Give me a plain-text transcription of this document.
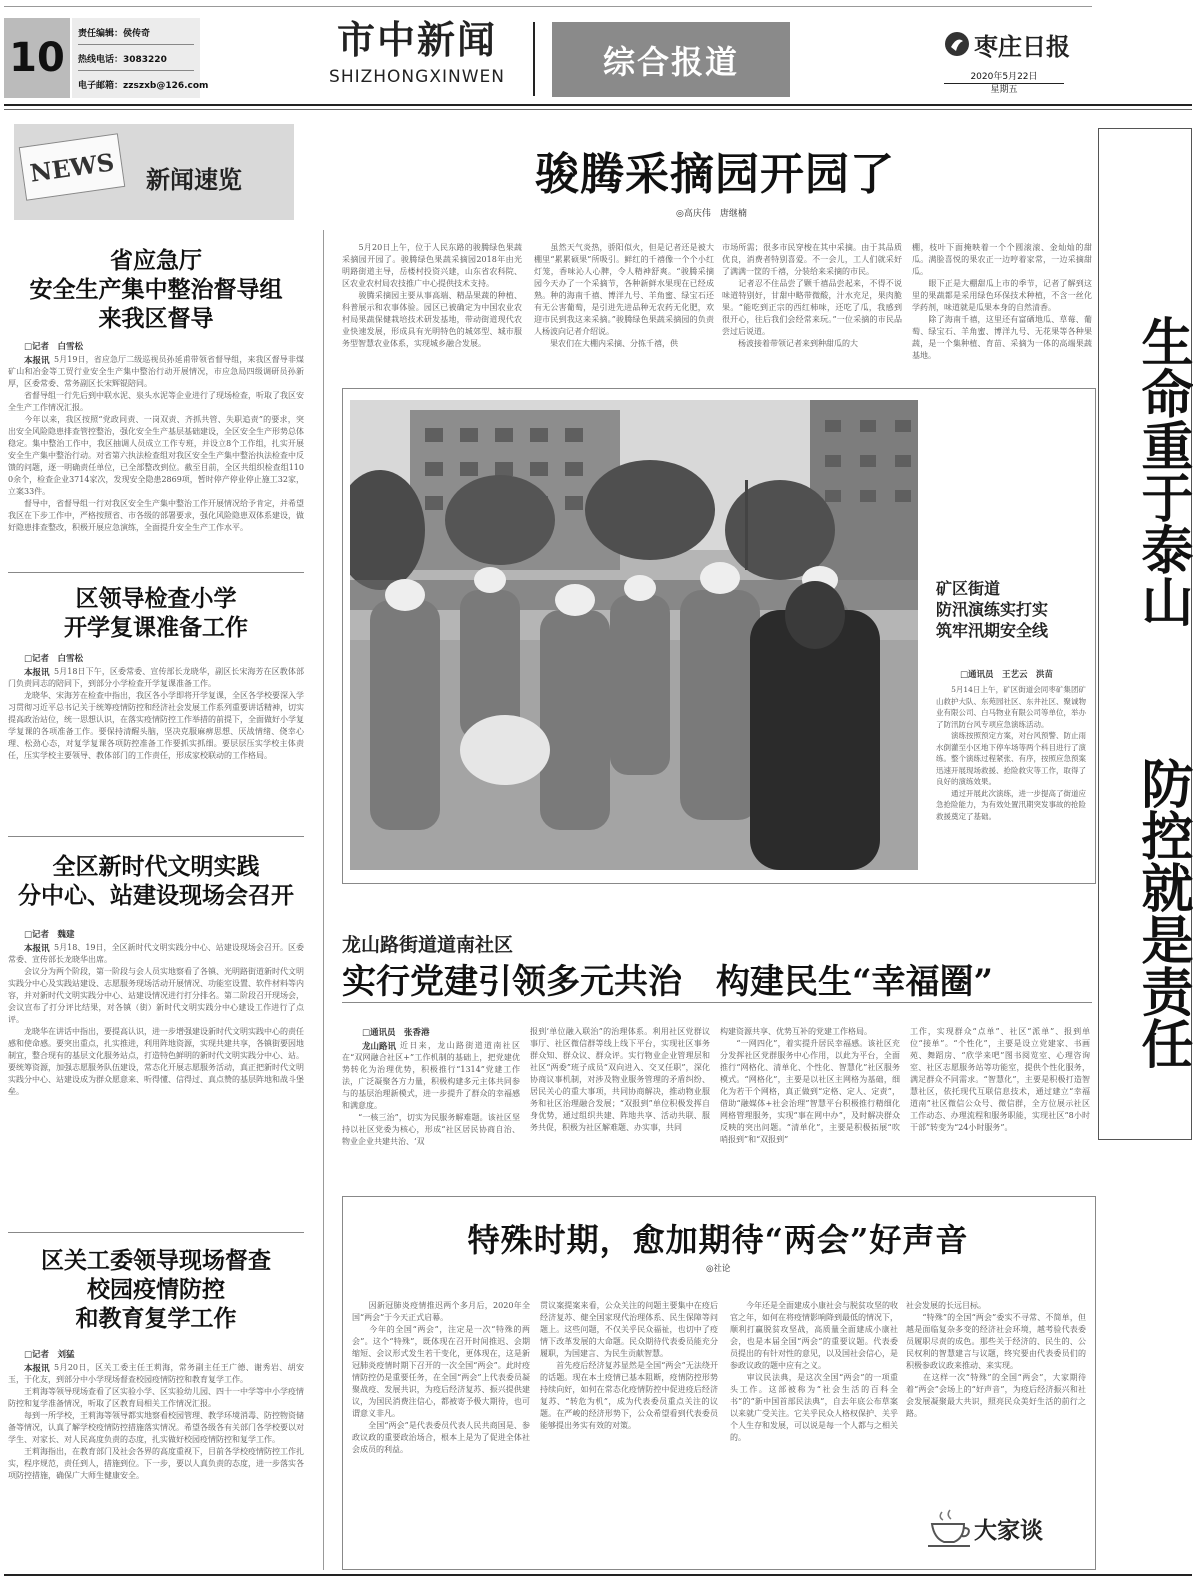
10
责任编辑：侯传奇
热线电话：3083220
电子邮箱：zzszxb@126.com
市中新闻
SHIZHONGXINWEN	综合报道	枣庄日报
2020年5月22日
星期五
NEWS 新闻速览	骏腾采摘园开园了
◎高庆伟　唐继楠
　　5月20日上午，位于人民东路的骏腾绿色果蔬采摘园开园了。骏腾绿色果蔬采摘园2018年由光明路街道主导，岳楼村投资兴建，山东省农科院、区农业农村局农技推广中心提供技术支持。
　　骏腾采摘园主要从事高端、精品果蔬的种植、科普展示和农事体验。园区已被确定为中国农业农村局果蔬保健栽培技术研发基地，带动街道现代农业快速发展，形成具有光明特色的城郊型、城市服务型智慧农业体系，实现城乡融合发展。
　　虽然天气炎热，骄阳似火，但是记者还是被大棚里“累累硕果”所吸引。鲜红的千禧像一个个小红灯笼，香味沁人心脾，令人精神舒爽。“骏腾采摘园今天办了一个采摘节，各种新鲜水果现在已经成熟。种的海南千禧、博洋九号、羊角蜜、绿宝石还有无公害葡萄，是引进先进品种无农药无化肥，欢迎市民到我这来采摘。”骏腾绿色果蔬采摘园的负责人杨波向记者介绍说。
　　果农们在大棚内采摘、分拣千禧，供
市场所需；很多市民穿梭在其中采摘。由于其品质优良，消费者特别喜爱。不一会儿，工人们就采好了满满一筐的千禧，分装给来采摘的市民。
　　记者忍不住品尝了颗千禧品尝起来，不得不说味道特别好，甘甜中略带微酸，汁水充足，果肉脆果。“能吃到正宗的西红柿味，还吃了瓜，我感到很开心，往后我们会经常来玩。”一位采摘的市民品尝过后说道。
　　杨波接着带领记者来到种甜瓜的大
棚，枝叶下面掩映着一个个圆滚滚、金灿灿的甜瓜。满脸喜悦的果农正一边哼着家常，一边采摘甜瓜。
　　眼下正是大棚甜瓜上市的季节，记者了解到这里的果蔬都是采用绿色环保技术种植，不含一丝化学药剂，味道就是瓜果本身的自然清香。
　　除了海南千禧，这里还有富硒地瓜、草莓、葡萄、绿宝石、羊角蜜、博洋九号、无花果等各种果蔬，是一个集种植、育苗、采摘为一体的高端果蔬基地。
省应急厅
安全生产集中整治督导组
来我区督导
□记者　白雪松
本报讯 5月19日，省应急厅二级巡视员孙延甫带领省督导组，来我区督导非煤矿山和冶金等工贸行业安全生产集中整治行动开展情况，市应急局四级调研员孙新厚，区委常委、常务副区长宋辉锟陪同。
　　省督导组一行先后到中联水泥、泉头水泥等企业进行了现场检查，听取了我区安全生产工作情况汇报。
　　今年以来，我区按照“党政同责、一岗双责、齐抓共管、失职追责”的要求，突出安全风险隐患排查管控整治，强化安全生产基层基础建设，全区安全生产形势总体稳定。集中整治工作中，我区抽调人员成立工作专班，并设立8个工作组，扎实开展安全生产集中整治行动。对省第六执法检查组对我区安全生产集中整治执法检查中反馈的问题，逐一明确责任单位，已全部整改到位。截至目前，全区共组织检查组1100余个，检查企业3714家次，发现安全隐患2869项，暂时停产停业停止施工32家，立案33件。
　　督导中，省督导组一行对我区安全生产集中整治工作开展情况给予肯定，并希望我区在下步工作中，严格按照省、市各级的部署要求，强化风险隐患双体系建设，做好隐患排查整改，积极开展应急演练，全面提升安全生产工作水平。
区领导检查小学
开学复课准备工作
□记者　白雪松
本报讯 5月18日下午，区委常委、宣传部长龙晓华，副区长宋海芳在区教体部门负责同志的陪同下，到部分小学检查开学复课准备工作。
　　龙晓华、宋海芳在检查中指出，我区各小学即将开学复课，全区各学校要深入学习贯彻习近平总书记关于统筹疫情防控和经济社会发展工作系列重要讲话精神，切实提高政治站位，统一思想认识，在落实疫情防控工作举措的前提下，全面做好小学复学复课的各项准备工作。要保持清醒头脑，坚决克服麻痹思想、厌战情绪、侥幸心理、松劲心态，对复学复课各项防控准备工作要抓实抓细。要层层压实学校主体责任，压实学校主要领导、教体部门的工作责任，形成家校联动的工作格局。
全区新时代文明实践
分中心、站建设现场会召开
□记者　魏建
本报讯 5月18、19日，全区新时代文明实践分中心、站建设现场会召开。区委常委、宣传部长龙晓华出席。
　　会议分为两个阶段，第一阶段与会人员实地察看了各镇、光明路街道新时代文明实践分中心及实践站建设、志愿服务现场活动开展情况、功能室设置、软件材料等内容，并对新时代文明实践分中心、站建设情况进行打分排名。第二阶段召开现场会，会议宣布了打分评比结果，对各镇（街）新时代文明实践分中心建设工作进行了点评。
　　龙晓华在讲话中指出，要提高认识，进一步增强建设新时代文明实践中心的责任感和使命感。要突出重点，扎实推进，利用阵地资源，实现共建共享，各镇街要因地制宜，整合现有的基层文化服务站点，打造特色鲜明的新时代文明实践分中心、站。要统筹资源，加强志愿服务队伍建设，常态化开展志愿服务活动，真正把新时代文明实践分中心、站建设成为群众愿意来、听得懂、信得过、真点赞的基层阵地和战斗堡垒。
区关工委领导现场督查
校园疫情防控
和教育复学工作
□记者　刘猛
本报讯 5月20日，区关工委主任王莉海，常务副主任王广德、谢秀岩、胡安玉，于化友，到部分中小学现场督查校园疫情防控和教育复学工作。
　　王莉海等领导现场查看了区实验小学、区实验幼儿园、四十一中学等中小学疫情防控和复学准备情况，听取了区教育局相关工作情况汇报。
　　每到一所学校，王莉海等领导都实地察看校园管理、教学环境消毒、防控物资储备等情况，认真了解学校疫情防控措施落实情况。希望各级各有关部门各学校要以对学生、对家长、对人民高度负责的态度，扎实做好校园疫情防控和复学工作。
　　王莉海指出，在教育部门及社会各界的高度重视下，目前各学校疫情防控工作扎实，程序规范，责任到人，措施到位。下一步，要以人真负责的态度，进一步落实各项防控措施，确保广大师生健康安全。
矿区街道
防汛演练实打实
筑牢汛期安全线
□通讯员　王艺云　洪苗
　　5月14日上午，矿区街道会同枣矿集团矿山救护大队、东苑园社区、东井社区、聚诚物业有限公司、白马物业有限公司等单位，举办了防汛防台风专项应急演练活动。
　　演练按照预定方案，对台风预警、防止雨水倒灌至小区地下停车场等两个科目进行了演练。整个演练过程紧张、有序，按照应急预案迅速开展现场救援、抢险救灾等工作，取得了良好的演练效果。
　　通过开展此次演练，进一步提高了街道应急抢险能力，为有效处置汛期突发事故的抢险救援奠定了基础。
龙山路街道道南社区
实行党建引领多元共治　构建民生“幸福圈”
□通讯员　张香港
龙山路讯 近日来，龙山路街道道南社区在“双网融合社区+”工作机制的基础上，把党建优势转化为治理优势，积极推行“1314”党建工作法，广泛凝聚各方力量，积极构建多元主体共同参与的基层治理新模式，进一步提升了群众的幸福感和满意度。
　　“一核三治”，切实为民服务解难题。该社区坚持以社区党委为核心，形成“社区居民协商自治、物业企业共建共治、‘双
报到’单位融入联治”的治理体系。利用社区党群议事厅、社区微信群等线上线下平台，实现社区事务群众知、群众议、群众评。实行物业企业管理层和社区“两委”班子成员“双向进入、交叉任职”，深化协商议事机制，对涉及物业服务管理的矛盾纠纷、居民关心的重大事项，共同协商解决，推动物业服务和社区治理融合发展；“双报到”单位积极发挥自身优势，通过组织共建、阵地共享、活动共联、服务共促，积极为社区解难题、办实事，共同
构建资源共享、优势互补的党建工作格局。
　　“一网四化”，着实提升居民幸福感。该社区充分发挥社区党群服务中心作用，以此为平台，全面推行“网格化、清单化、个性化、智慧化”社区服务模式。“网格化”，主要是以社区主网格为基础，细化为若干个网格，真正做到“定格、定人、定责”，借助“融媒体+社会治理”智慧平台积极推行精细化网格管理服务，实现“事在网中办”，及时解决群众反映的突出问题。“清单化”，主要是积极拓展“吹哨报到”和“双报到”
工作，实现群众“点单”、社区“派单”、报到单位“接单”。“个性化”，主要是设立党建家、书画苑、舞蹈房、“欣学来吧”图书阅览室、心理咨询室、社区志愿服务站等功能室，提供个性化服务，满足群众不同需求。“智慧化”，主要是积极打造智慧社区，依托现代互联信息技术，通过建立“幸福道南”社区微信公众号、微信群，全方位展示社区工作动态、办理流程和服务职能，实现社区“8小时干部”转变为“24小时服务”。
特殊时期，愈加期待“两会”好声音
◎社论
　　因新冠肺炎疫情推迟两个多月后，2020年全国“两会”于今天正式启幕。
　　今年的全国“两会”，注定是一次“特殊的两会”。这个“特殊”，既体现在召开时间推迟、会期缩短、会议形式发生若干变化，更体现在，这是新冠肺炎疫情时期下召开的一次全国“两会”。此时疫情防控仍是重要任务，在全国“两会”上代表委员凝聚战疫、发展共识，为疫后经济复苏、振兴提供建议，为国民消费注信心，都被寄予极大期待，也可谓意义非凡。
　　全国“两会”是代表委员代表人民共商国是、参政议政的重要政治场合，根本上是为了促进全体社会成员的利益。
贯议案提案来看，公众关注的问题主要集中在疫后经济复苏、健全国家现代治理体系、民生保障等问题上。这些问题，不仅关乎民众福祉，也切中了疫情下改革发展的大命题。民众期待代表委员能充分履职，为国建言、为民生贡献智慧。
　　首先疫后经济复苏显然是全国“两会”无法绕开的话题。现在本土疫情已基本阻断，疫情防控形势持续向好，如何在常态化疫情防控中促进疫后经济复苏、“转危为机”，成为代表委员重点关注的议题。在严峻的经济形势下，公众希望看到代表委员能够提出务实有效的对策。
　　今年还是全面建成小康社会与脱贫攻坚的收官之年，如何在将疫情影响降到最低的情况下，顺利打赢脱贫攻坚战，高质量全面建成小康社会，也是本届全国“两会”的重要议题。代表委员提出的有针对性的意见，以及国社会信心，是参政议政的题中应有之义。
　　审议民法典，是这次全国“两会”的一项重头工作。这部被称为“社会生活的百科全书”的“新中国首部民法典”，自去年底公布草案以来就广受关注。它关乎民众人格权保护、关乎个人生存和发展，可以说是每一个人都与之相关的。
社会发展的长远目标。
　　“特殊”的全国“两会”委实不寻常、不简单，但越是面临复杂多变的经济社会环境，越考验代表委员履职尽责的成色。那些关于经济的、民生的、公民权利的智慧建言与议题，终究要由代表委员们的积极参政议政来推动、来实现。
　　在这样一次“特殊”的全国“两会”，大家期待着“两会”会场上的“好声音”，为疫后经济振兴和社会发展凝聚最大共识，照亮民众美好生活的前行之路。
大家谈
生命重于泰山
防控就是责任
